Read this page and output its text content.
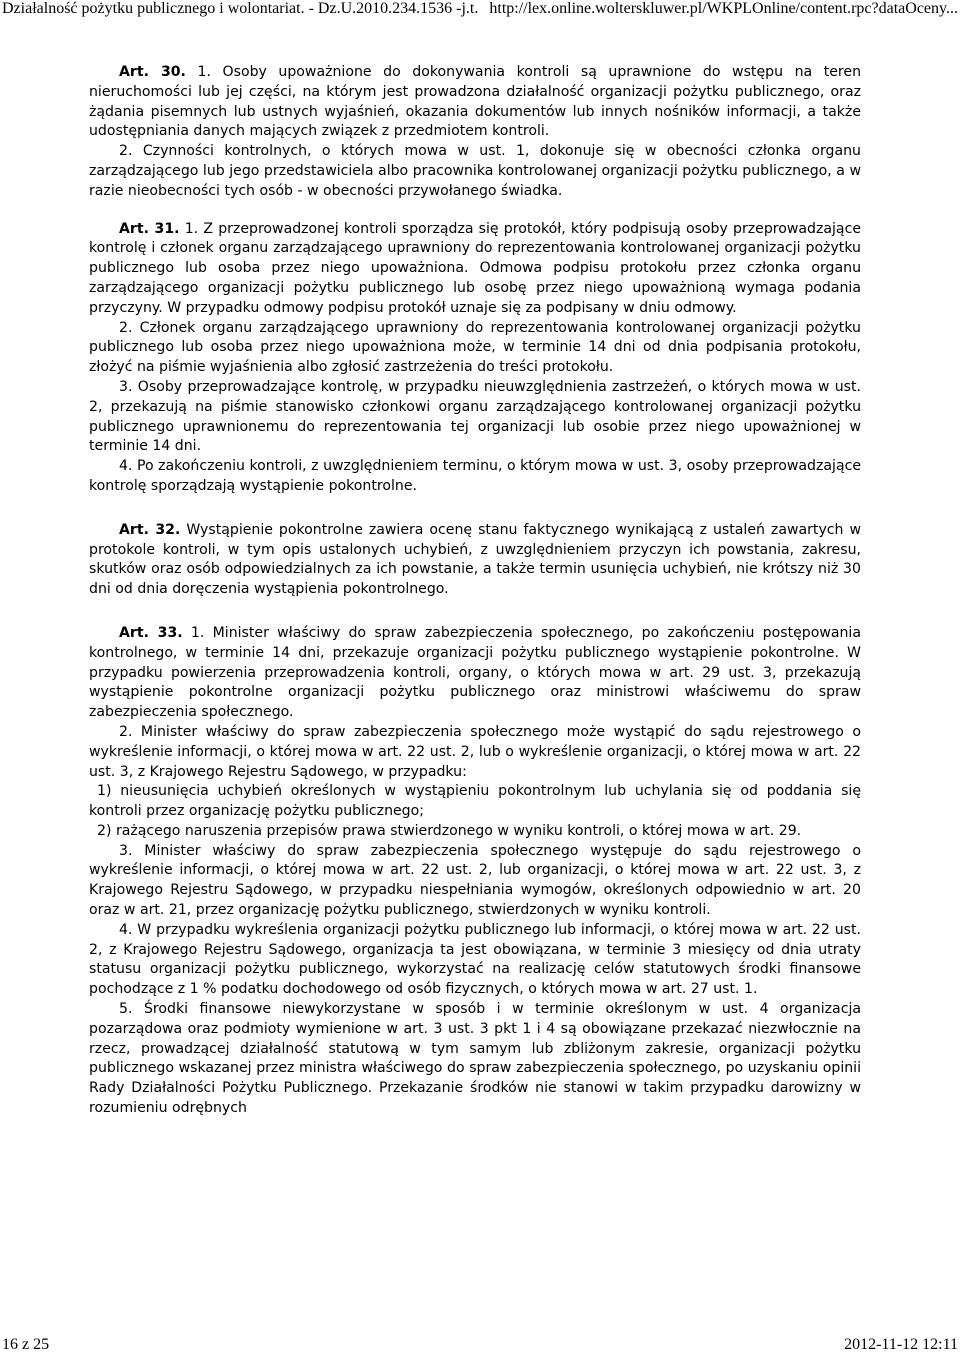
Działalność pożytku publicznego i wolontariat. - Dz.U.2010.234.1536 -j.t. http://lex.online.wolterskluwer.pl/WKPLOnline/content.rpc?dataOceny...

Art. 30. 1. Osoby upoważnione do dokonywania kontroli są uprawnione do wstępu na teren nieruchomości lub jej części, na którym jest prowadzona działalność organizacji pożytku publicznego, oraz żądania pisemnych lub ustnych wyjaśnień, okazania dokumentów lub innych nośników informacji, a także udostępniania danych mających związek z przedmiotem kontroli.

2. Czynności kontrolnych, o których mowa w ust. 1, dokonuje się w obecności członka organu zarządzającego lub jego przedstawiciela albo pracownika kontrolowanej organizacji pożytku publicznego, a w razie nieobecności tych osób - w obecności przywołanego świadka.

Art. 31. 1. Z przeprowadzonej kontroli sporządza się protokół, który podpisują osoby przeprowadzające kontrolę i członek organu zarządzającego uprawniony do reprezentowania kontrolowanej organizacji pożytku publicznego lub osoba przez niego upoważniona. Odmowa podpisu protokołu przez członka organu zarządzającego organizacji pożytku publicznego lub osobę przez niego upoważnioną wymaga podania przyczyny. W przypadku odmowy podpisu protokół uznaje się za podpisany w dniu odmowy.

2. Członek organu zarządzającego uprawniony do reprezentowania kontrolowanej organizacji pożytku publicznego lub osoba przez niego upoważniona może, w terminie 14 dni od dnia podpisania protokołu, złożyć na piśmie wyjaśnienia albo zgłosić zastrzeżenia do treści protokołu.

3. Osoby przeprowadzające kontrolę, w przypadku nieuwzględnienia zastrzeżeń, o których mowa w ust. 2, przekazują na piśmie stanowisko członkowi organu zarządzającego kontrolowanej organizacji pożytku publicznego uprawnionemu do reprezentowania tej organizacji lub osobie przez niego upoważnionej w terminie 14 dni.

4. Po zakończeniu kontroli, z uwzględnieniem terminu, o którym mowa w ust. 3, osoby przeprowadzające kontrolę sporządzają wystąpienie pokontrolne.

Art. 32. Wystąpienie pokontrolne zawiera ocenę stanu faktycznego wynikającą z ustaleń zawartych w protokole kontroli, w tym opis ustalonych uchybień, z uwzględnieniem przyczyn ich powstania, zakresu, skutków oraz osób odpowiedzialnych za ich powstanie, a także termin usunięcia uchybień, nie krótszy niż 30 dni od dnia doręczenia wystąpienia pokontrolnego.

Art. 33. 1. Minister właściwy do spraw zabezpieczenia społecznego, po zakończeniu postępowania kontrolnego, w terminie 14 dni, przekazuje organizacji pożytku publicznego wystąpienie pokontrolne. W przypadku powierzenia przeprowadzenia kontroli, organy, o których mowa w art. 29 ust. 3, przekazują wystąpienie pokontrolne organizacji pożytku publicznego oraz ministrowi właściwemu do spraw zabezpieczenia społecznego.

2. Minister właściwy do spraw zabezpieczenia społecznego może wystąpić do sądu rejestrowego o wykreślenie informacji, o której mowa w art. 22 ust. 2, lub o wykreślenie organizacji, o której mowa w art. 22 ust. 3, z Krajowego Rejestru Sądowego, w przypadku:

1) nieusunięcia uchybień określonych w wystąpieniu pokontrolnym lub uchylania się od poddania się kontroli przez organizację pożytku publicznego;

2) rażącego naruszenia przepisów prawa stwierdzonego w wyniku kontroli, o której mowa w art. 29.

3. Minister właściwy do spraw zabezpieczenia społecznego występuje do sądu rejestrowego o wykreślenie informacji, o której mowa w art. 22 ust. 2, lub organizacji, o której mowa w art. 22 ust. 3, z Krajowego Rejestru Sądowego, w przypadku niespełniania wymogów, określonych odpowiednio w art. 20 oraz w art. 21, przez organizację pożytku publicznego, stwierdzonych w wyniku kontroli.

4. W przypadku wykreślenia organizacji pożytku publicznego lub informacji, o której mowa w art. 22 ust. 2, z Krajowego Rejestru Sądowego, organizacja ta jest obowiązana, w terminie 3 miesięcy od dnia utraty statusu organizacji pożytku publicznego, wykorzystać na realizację celów statutowych środki finansowe pochodzące z 1 % podatku dochodowego od osób fizycznych, o których mowa w art. 27 ust. 1.

5. Środki finansowe niewykorzystane w sposób i w terminie określonym w ust. 4 organizacja pozarządowa oraz podmioty wymienione w art. 3 ust. 3 pkt 1 i 4 są obowiązane przekazać niezwłocznie na rzecz, prowadzącej działalność statutową w tym samym lub zbliżonym zakresie, organizacji pożytku publicznego wskazanej przez ministra właściwego do spraw zabezpieczenia społecznego, po uzyskaniu opinii Rady Działalności Pożytku Publicznego. Przekazanie środków nie stanowi w takim przypadku darowizny w rozumieniu odrębnych

16 z 25	2012-11-12 12:11
